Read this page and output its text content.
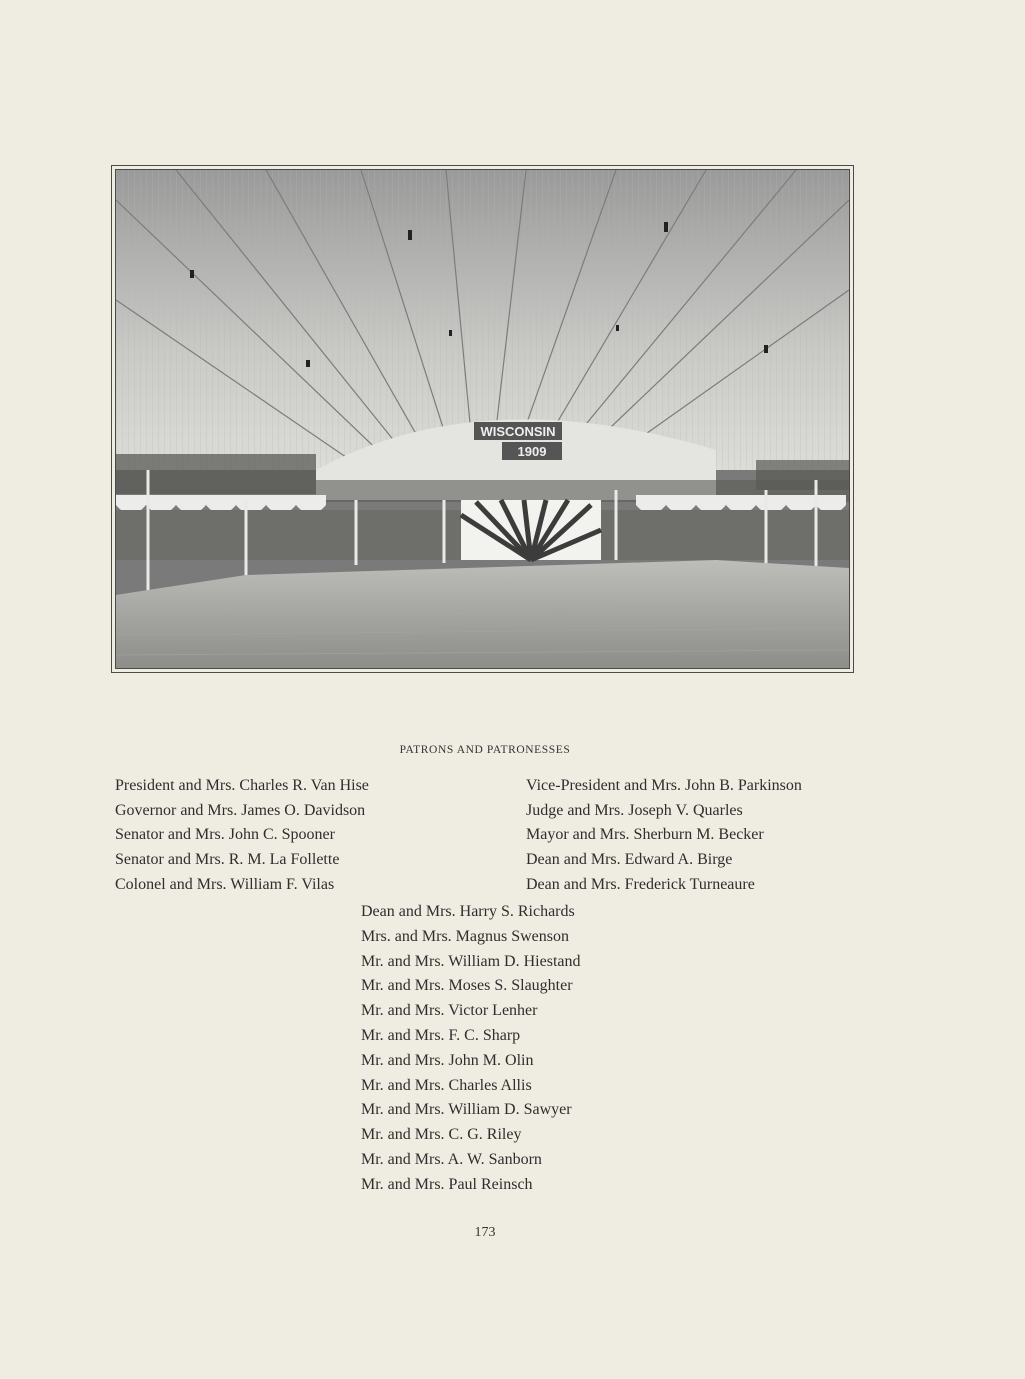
WISCONSIN
1909
PATRONS AND PATRONESSES
President and Mrs. Charles R. Van Hise
Governor and Mrs. James O. Davidson
Senator and Mrs. John C. Spooner
Senator and Mrs. R. M. La Follette
Colonel and Mrs. William F. Vilas
Vice-President and Mrs. John B. Parkinson
Judge and Mrs. Joseph V. Quarles
Mayor and Mrs. Sherburn M. Becker
Dean and Mrs. Edward A. Birge
Dean and Mrs. Frederick Turneaure
Dean and Mrs. Harry S. Richards
Mrs. and Mrs. Magnus Swenson
Mr. and Mrs. William D. Hiestand
Mr. and Mrs. Moses S. Slaughter
Mr. and Mrs. Victor Lenher
Mr. and Mrs. F. C. Sharp
Mr. and Mrs. John M. Olin
Mr. and Mrs. Charles Allis
Mr. and Mrs. William D. Sawyer
Mr. and Mrs. C. G. Riley
Mr. and Mrs. A. W. Sanborn
Mr. and Mrs. Paul Reinsch
173
